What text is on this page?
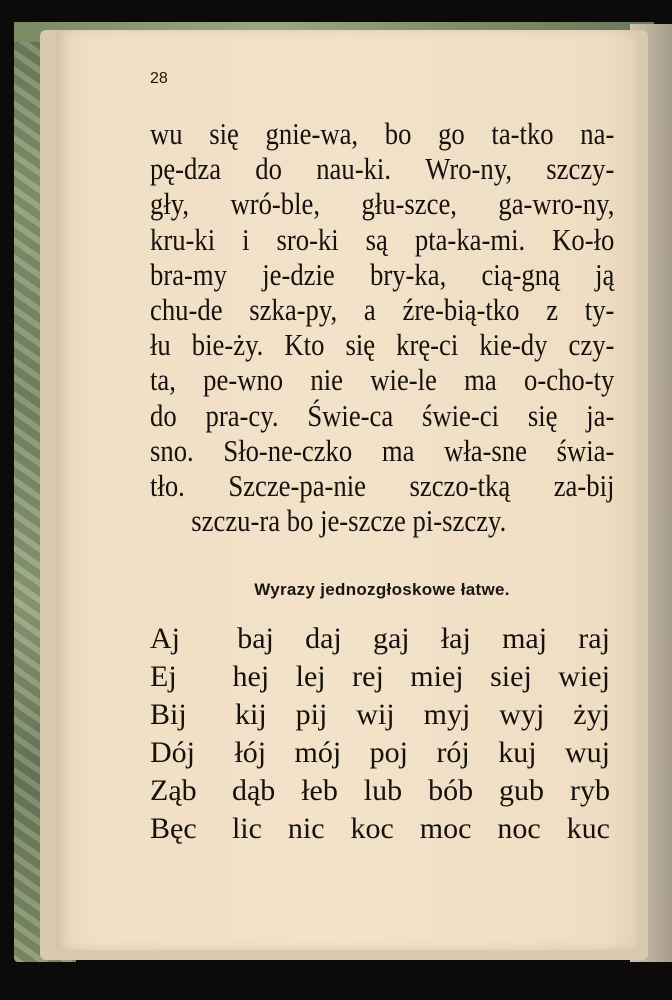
28
wu się gnie-wa, bo go ta-tko na-
pę-dza do nau-ki. Wro-ny, szczy-
gły, wró-ble, głu-szce, ga-wro-ny,
kru-ki i sro-ki są pta-ka-mi. Ko-ło
bra-my je-dzie bry-ka, cią-gną ją
chu-de szka-py, a źre-bią-tko z ty-
łu bie-ży. Kto się krę-ci kie-dy czy-
ta, pe-wno nie wie-le ma o-cho-ty
do pra-cy. Świe-ca świe-ci się ja-
sno. Sło-ne-czko ma wła-sne świa-
tło. Szcze-pa-nie szczo-tką za-bij
szczu-ra bo je-szcze pi-szczy.
Wyrazy jednozgłoskowe łatwe.
Aj	baj daj gaj łaj maj raj
Ej	hej lej rej miej siej wiej
Bij	kij pij wij myj wyj żyj
Dój	łój mój poj rój kuj wuj
Ząb	dąb łeb lub bób gub ryb
Bęc	lic nic koc moc noc kuc
